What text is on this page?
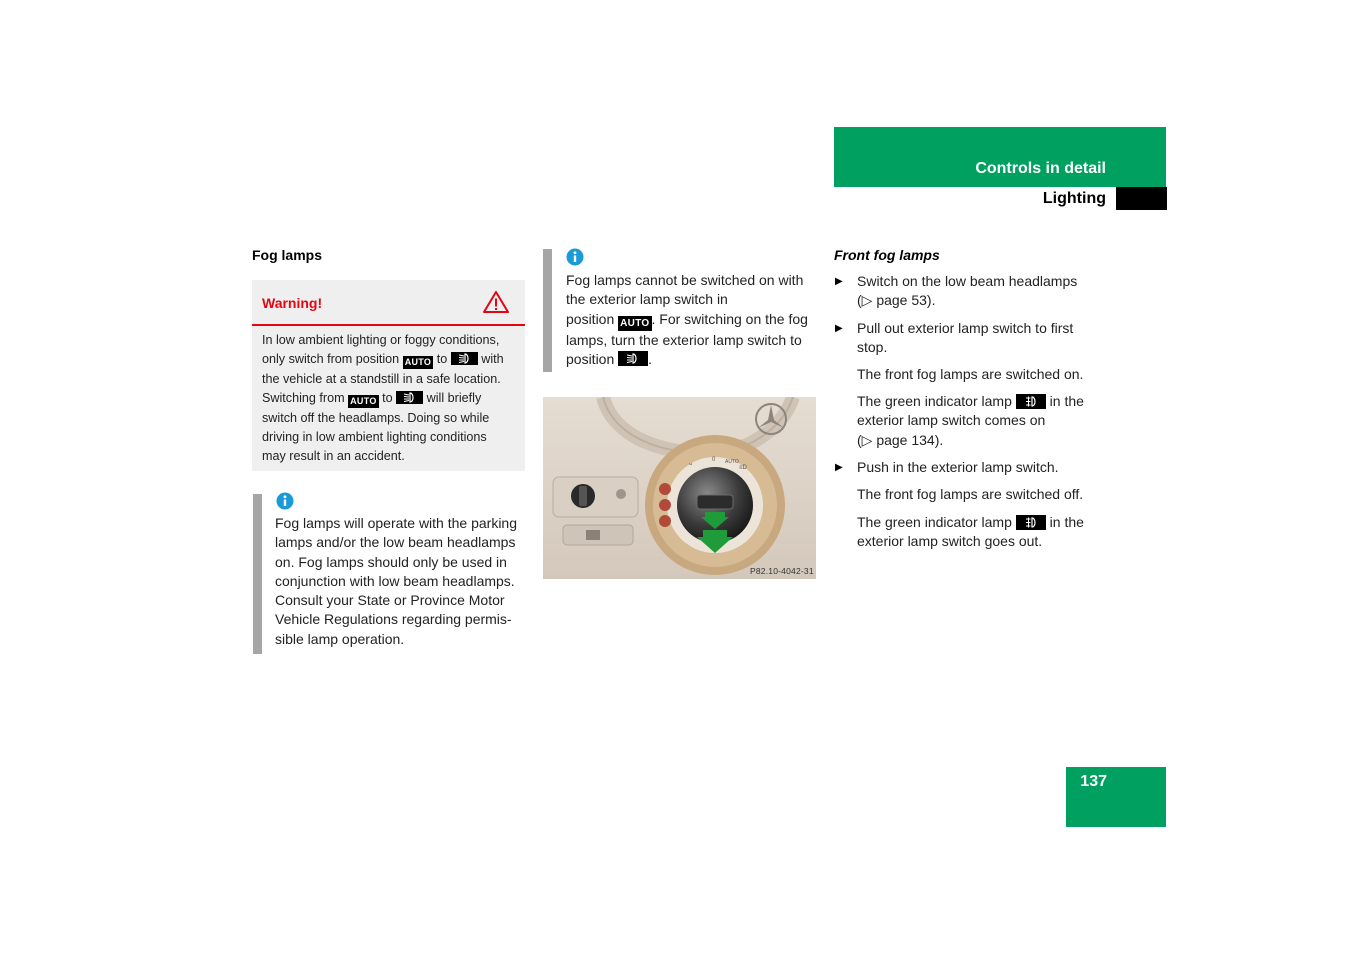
Controls in detail
Lighting
Fog lamps
Warning!
In low ambient lighting or foggy conditions,
only switch from position AUTO to	with
the vehicle at a standstill in a safe location.
Switching from AUTO to	will briefly
switch off the headlamps. Doing so while
driving in low ambient lighting conditions
may result in an accident.
Fog lamps will operate with the parking
lamps and/or the low beam headlamps
on. Fog lamps should only be used in
conjunction with low beam headlamps.
Consult your State or Province Motor
Vehicle Regulations regarding permis-
sible lamp operation.
Fog lamps cannot be switched on with
the exterior lamp switch in
position AUTO . For switching on the fog
lamps, turn the exterior lamp switch to
position .
ᴗ
0 AUTO
≡D
P82.10-4042-31
Front fog lamps
▶ Switch on the low beam headlamps
(▷ page 53).
▶ Pull out exterior lamp switch to first
stop.
The front fog lamps are switched on.
The green indicator lamp	in the
exterior lamp switch comes on
(▷ page 134).
▶ Push in the exterior lamp switch.
The front fog lamps are switched off.
The green indicator lamp	in the
exterior lamp switch goes out.
137
